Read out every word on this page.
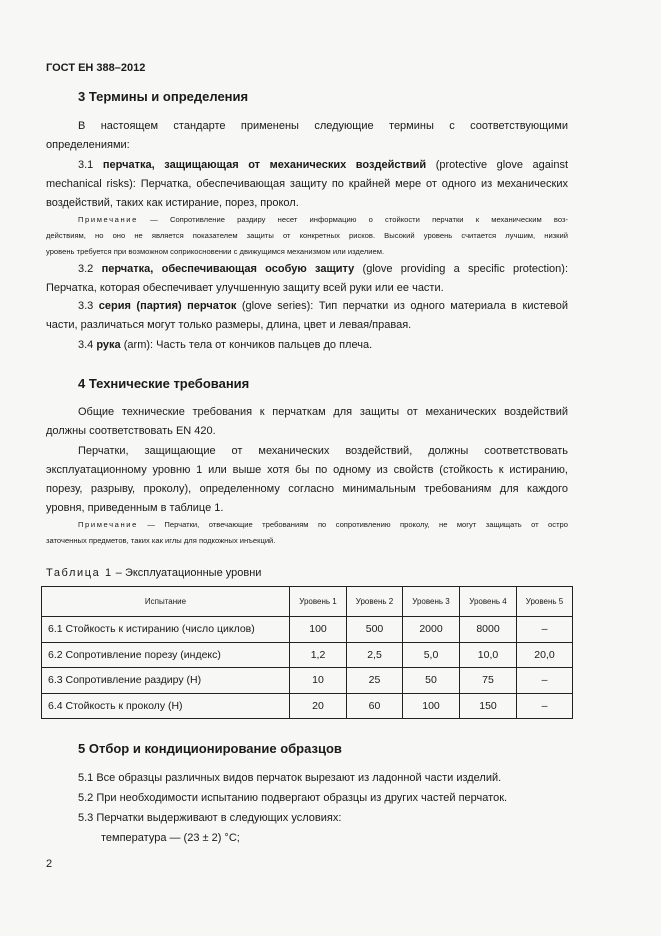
ГОСТ ЕН 388–2012
3 Термины и определения
В настоящем стандарте применены следующие термины с соответствующими
определениями:
3.1 перчатка, защищающая от механических воздействий (protective glove against
mechanical risks): Перчатка, обеспечивающая защиту по крайней мере от одного из механических
воздействий, таких как истирание, порез, прокол.
Примечание — Сопротивление раздиру несет информацию о стойкости перчатки к механическим воз-
действиям, но оно не является показателем защиты от конкретных рисков. Высокий уровень считается лучшим, низкий
уровень требуется при возможном соприкосновении с движущимся механизмом или изделием.
3.2 перчатка, обеспечивающая особую защиту (glove providing a specific protection):
Перчатка, которая обеспечивает улучшенную защиту всей руки или ее части.
3.3 серия (партия) перчаток (glove series): Тип перчатки из одного материала в кистевой
части, различаться могут только размеры, длина, цвет и левая/правая.
3.4 рука (arm): Часть тела от кончиков пальцев до плеча.
4 Технические требования
Общие технические требования к перчаткам для защиты от механических воздействий
должны соответствовать EN 420.
Перчатки, защищающие от механических воздействий, должны соответствовать
эксплуатационному уровню 1 или выше хотя бы по одному из свойств (стойкость к истиранию,
порезу, разрыву, проколу), определенному согласно минимальным требованиям для каждого
уровня, приведенным в таблице 1.
Примечание — Перчатки, отвечающие требованиям по сопротивлению проколу, не могут защищать от остро
заточенных предметов, таких как иглы для подкожных инъекций.
Таблица 1 – Эксплуатационные уровни
Испытание	Уровень 1	Уровень 2	Уровень 3	Уровень 4	Уровень 5
6.1 Стойкость к истиранию (число циклов)	100	500	2000	8000	–
6.2 Сопротивление порезу (индекс)	1,2	2,5	5,0	10,0	20,0
6.3 Сопротивление раздиру (Н)	10	25	50	75	–
6.4 Стойкость к проколу (Н)	20	60	100	150	–
5 Отбор и кондиционирование образцов
5.1 Все образцы различных видов перчаток вырезают из ладонной части изделий.
5.2 При необходимости испытанию подвергают образцы из других частей перчаток.
5.3 Перчатки выдерживают в следующих условиях:
температура — (23 ± 2) °С;
2
